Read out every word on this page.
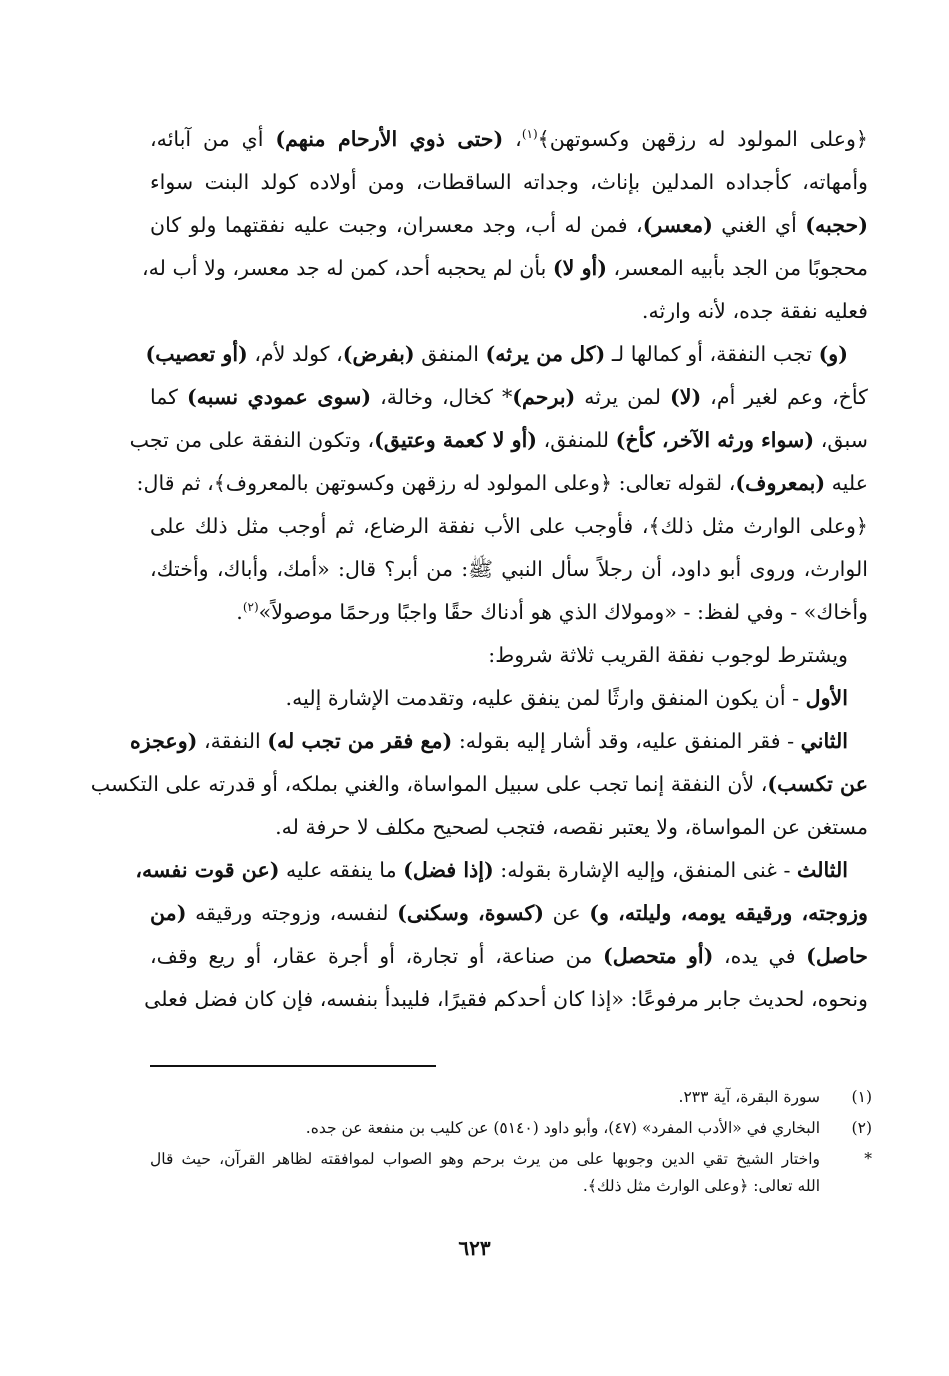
﴿وعلى المولود له رزقهن وكسوتهن﴾$^{(١)}$، (حتى ذوي الأرحام منهم) أي من آبائه،
وأمهاته، كأجداده المدلين بإناث، وجداته الساقطات، ومن أولاده كولد البنت سواء
(حجبه) أي الغني (معسر)، فمن له أب، وجد معسران، وجبت عليه نفقتهما ولو كان
محجوبًا من الجد بأبيه المعسر، (أو لا) بأن لم يحجبه أحد، كمن له جد معسر، ولا أب له،
فعليه نفقة جده، لأنه وارثه.
(و) تجب النفقة، أو كمالها لـ (كل من يرثه) المنفق (بفرض)، كولد لأم، (أو تعصيب)
كأخ، وعم لغير أم، (لا) لمن يرثه (برحم)* كخال، وخالة، (سوى عمودي نسبه) كما
سبق، (سواء ورثه الآخر، كأخ) للمنفق، (أو لا كعمة وعتيق)، وتكون النفقة على من تجب
عليه (بمعروف)، لقوله تعالى: ﴿وعلى المولود له رزقهن وكسوتهن بالمعروف﴾، ثم قال:
﴿وعلى الوارث مثل ذلك﴾، فأوجب على الأب نفقة الرضاع، ثم أوجب مثل ذلك على
الوارث، وروى أبو داود، أن رجلاً سأل النبي ﷺ: من أبر؟ قال: «أمك، وأباك، وأختك،
وأخاك» - وفي لفظ: - «ومولاك الذي هو أدناك حقًا واجبًا ورحمًا موصولاً»$^{(٢)}$.
ويشترط لوجوب نفقة القريب ثلاثة شروط:
الأول - أن يكون المنفق وارثًا لمن ينفق عليه، وتقدمت الإشارة إليه.
الثاني - فقر المنفق عليه، وقد أشار إليه بقوله: (مع فقر من تجب له) النفقة، (وعجزه
عن تكسب)، لأن النفقة إنما تجب على سبيل المواساة، والغني بملكه، أو قدرته على التكسب
مستغن عن المواساة، ولا يعتبر نقصه، فتجب لصحيح مكلف لا حرفة له.
الثالث - غنى المنفق، وإليه الإشارة بقوله: (إذا فضل) ما ينفقه عليه (عن قوت نفسه،
وزوجته، ورقيقه يومه، وليلته، و) عن (كسوة، وسكنى) لنفسه، وزوجته ورقيقه (من
حاصل) في يده، (أو متحصل) من صناعة، أو تجارة، أو أجرة عقار، أو ريع وقف،
ونحوه، لحديث جابر مرفوعًا: «إذا كان أحدكم فقيرًا، فليبدأ بنفسه، فإن كان فضل فعلى
(١)
سورة البقرة، آية ٢٣٣.
(٢)
البخاري في «الأدب المفرد» (٤٧)، وأبو داود (٥١٤٠) عن كليب بن منفعة عن جده.
*
واختار الشيخ تقي الدين وجوبها على من يرث برحم وهو الصواب لموافقته لظاهر القرآن، حيث قال
الله تعالى: ﴿وعلى الوارث مثل ذلك﴾.
٦٢٣
